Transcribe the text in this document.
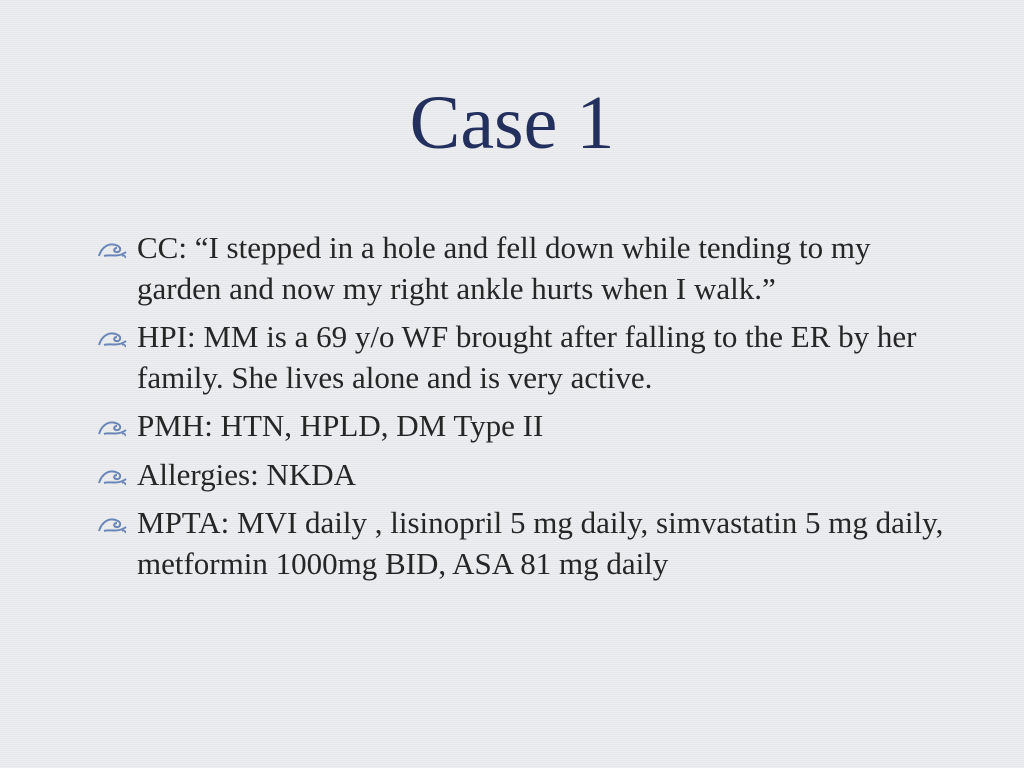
Case 1
CC: “I stepped in a hole and fell down while tending to my garden and now my right ankle hurts when I walk.”
HPI: MM is a 69 y/o WF brought after falling to the ER by her family. She lives alone and is very active.
PMH: HTN, HPLD, DM Type II
Allergies: NKDA
MPTA: MVI daily , lisinopril 5 mg daily, simvastatin 5 mg daily, metformin 1000mg BID, ASA 81 mg daily
